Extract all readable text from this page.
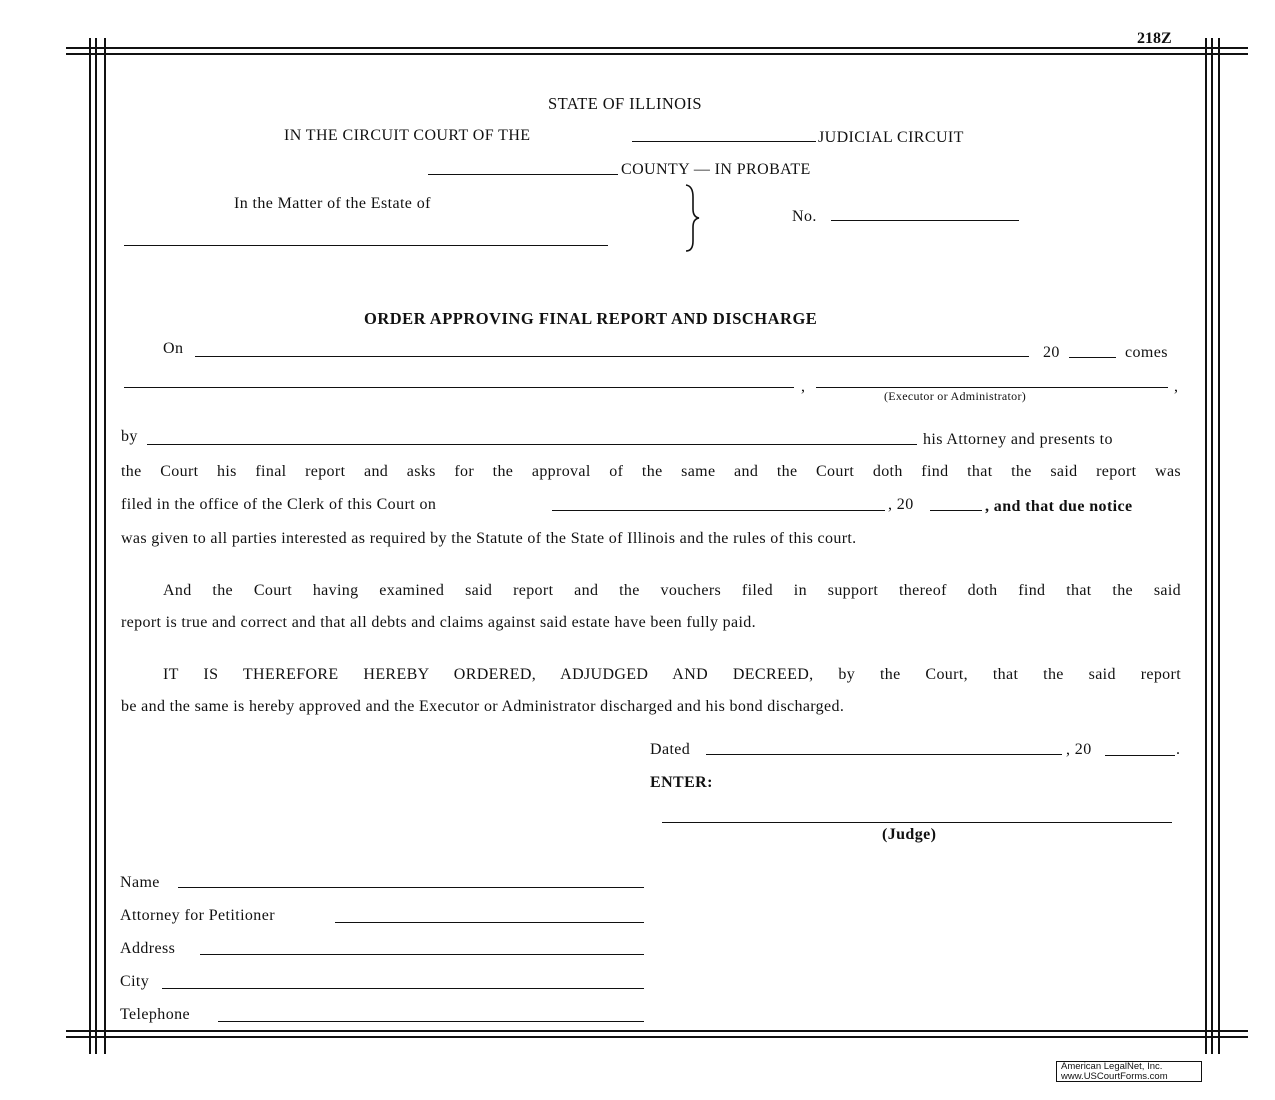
218Z
STATE OF ILLINOIS
IN THE CIRCUIT COURT OF THE	JUDICIAL CIRCUIT
COUNTY — IN PROBATE
In the Matter of the Estate of
No.
ORDER APPROVING FINAL REPORT AND DISCHARGE
On	20	comes
,	,
(Executor or Administrator)
by	his Attorney and presents to
the Court his final report and asks for the approval of the same and the Court doth find that the said report was
filed in the office of the Clerk of this Court on	, 20	, and that due notice
was given to all parties interested as required by the Statute of the State of Illinois and the rules of this court.
And the Court having examined said report and the vouchers filed in support thereof doth find that the said
report is true and correct and that all debts and claims against said estate have been fully paid.
IT IS THEREFORE HEREBY ORDERED, ADJUDGED AND DECREED, by the Court, that the said report
be and the same is hereby approved and the Executor or Administrator discharged and his bond discharged.
Dated	, 20	.
ENTER:
(Judge)
Name
Attorney for Petitioner
Address
City
Telephone
American LegalNet, Inc.
www.USCourtForms.com
